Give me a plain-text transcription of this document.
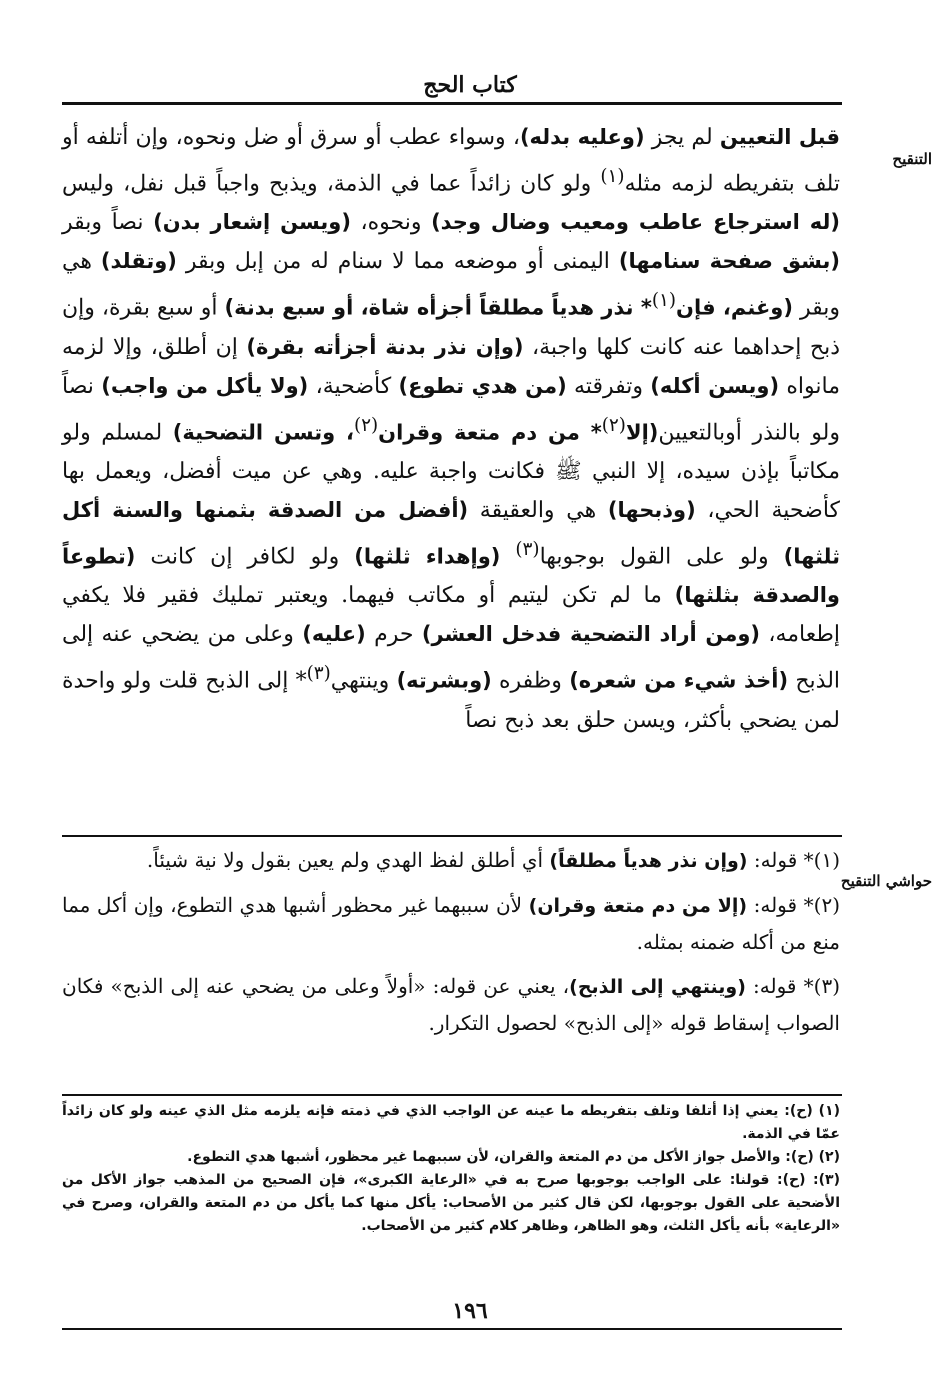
كتاب الحج
التنقيح
قبل التعيين لم يجز (وعليه بدله)، وسواء عطب أو سرق أو ضل ونحوه، وإن أتلفه أو تلف بتفريطه لزمه مثله$^{(١)}$ ولو كان زائداً عما في الذمة، ويذبح واجباً قبل نفل، وليس (له استرجاع عاطب ومعيب وضال وجد) ونحوه، (ويسن إشعار بدن) نصاً وبقر (بشق صفحة سنامها) اليمنى أو موضعه مما لا سنام له من إبل وبقر (وتقلد) هي وبقر (وغنم، فإن$^{(١)}$* نذر هدياً مطلقاً أجزأه شاة، أو سبع بدنة) أو سبع بقرة، وإن ذبح إحداهما عنه كانت كلها واجبة، (وإن نذر بدنة أجزأته بقرة) إن أطلق، وإلا لزمه مانواه (ويسن أكله) وتفرقته (من هدي تطوع) كأضحية، (ولا يأكل من واجب) نصاً ولو بالنذر أوبالتعيين(إلا$^{(٢)}$* من دم متعة وقران$^{(٢)}$، وتسن التضحية) لمسلم ولو مكاتباً بإذن سيده، إلا النبي ﷺ فكانت واجبة عليه. وهي عن ميت أفضل، ويعمل بها كأضحية الحي، (وذبحها) هي والعقيقة (أفضل من الصدقة بثمنها والسنة أكل ثلثها) ولو على القول بوجوبها$^{(٣)}$ (وإهداء ثلثها) ولو لكافر إن كانت (تطوعاً والصدقة بثلثها) ما لم تكن ليتيم أو مكاتب فيهما. ويعتبر تمليك فقير فلا يكفي إطعامه، (ومن أراد التضحية فدخل العشر) حرم (عليه) وعلى من يضحي عنه إلى الذبح (أخذ شيء من شعره) وظفره (وبشرته) وينتهي$^{(٣)}$* إلى الذبح قلت ولو واحدة لمن يضحي بأكثر، ويسن حلق بعد ذبح نصاً
حواشي التنقيح

(١)* قوله: (وإن نذر هدياً مطلقاً) أي أطلق لفظ الهدي ولم يعين بقول ولا نية شيئاً.

(٢)* قوله: (إلا من دم متعة وقران) لأن سببهما غير محظور أشبها هدي التطوع، وإن أكل مما منع من أكله ضمنه بمثله.

(٣)* قوله: (وينتهي إلى الذبح)، يعني عن قوله: «أولاً وعلى من يضحي عنه إلى الذبح» فكان الصواب إسقاط قوله «إلى الذبح» لحصول التكرار.

(١) (ح): يعني إذا أتلفا وتلف بتفريطه ما عينه عن الواجب الذي في ذمته فإنه يلزمه مثل الذي عينه ولو كان زائداً عمّا في الذمة.

(٢) (ح): والأصل جواز الأكل من دم المتعة والقران، لأن سببهما غير محظور، أشبها هدي التطوع.

(٣): (ح): قولنا: على الواجب بوجوبها صرح به في «الرعاية الكبرى»، فإن الصحيح من المذهب جواز الأكل من الأضحية على القول بوجوبها، لكن قال كثير من الأصحاب: يأكل منها كما يأكل من دم المتعة والقران، وصرح في «الرعاية» بأنه يأكل الثلث، وهو الظاهر، وظاهر كلام كثير من الأصحاب.

١٩٦
